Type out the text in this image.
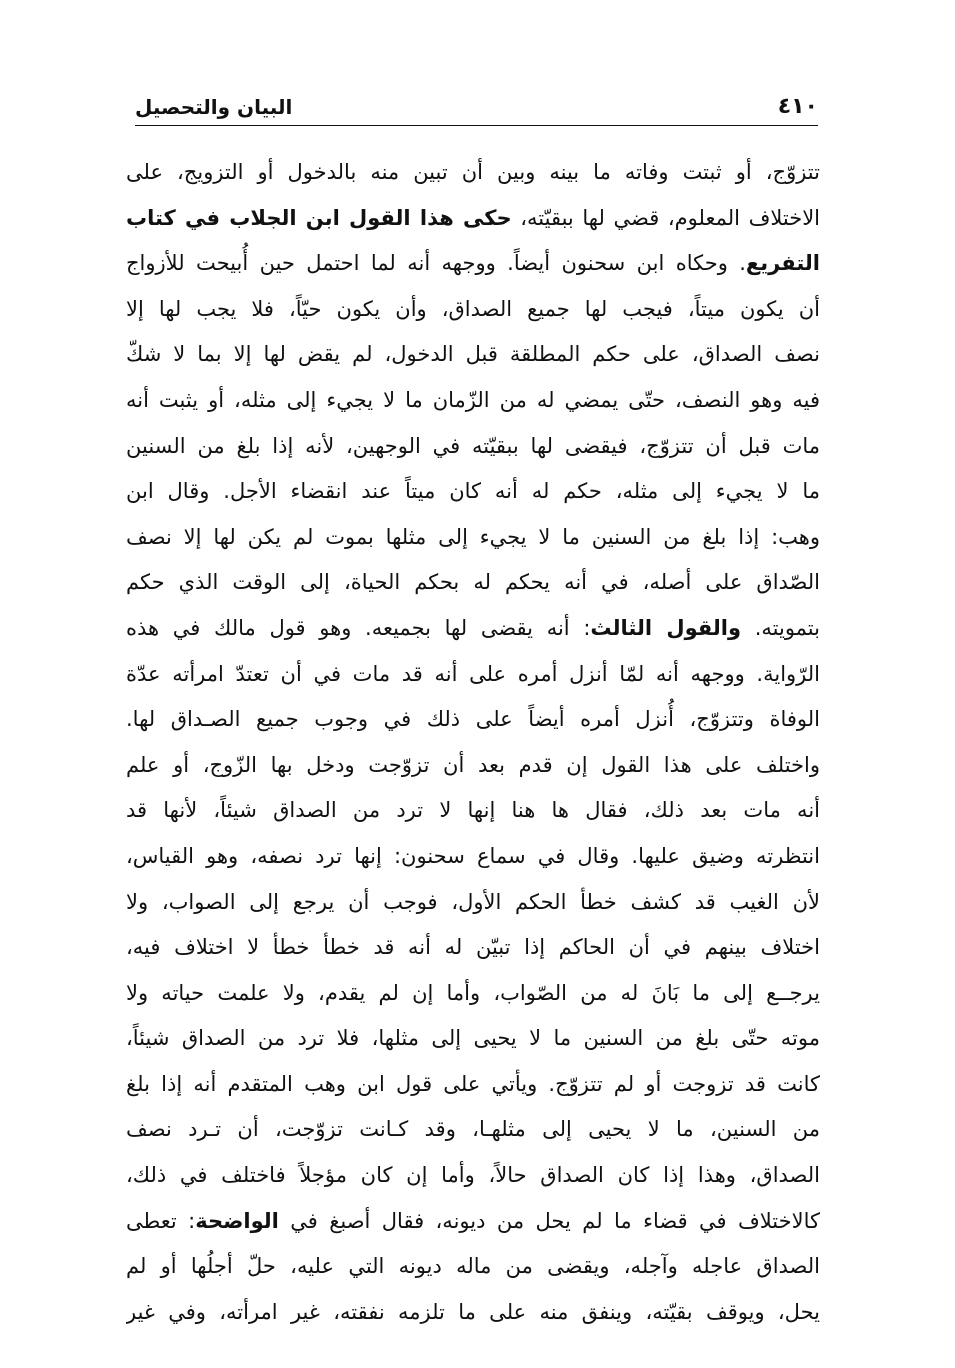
٤١٠
البيان والتحصيل
تتزوّج، أو ثبتت وفاته ما بينه وبين أن تبين منه بالدخول أو التزويج، على
الاختلاف المعلوم، قضي لها ببقيّته، حكى هذا القول ابن الجلاب في كتاب
التفريع. وحكاه ابن سحنون أيضاً. ووجهه أنه لما احتمل حين أُبيحت للأزواج
أن يكون ميتاً، فيجب لها جميع الصداق، وأن يكون حيّاً، فلا يجب لها إلا
نصف الصداق، على حكم المطلقة قبل الدخول، لم يقض لها إلا بما لا شكّ
فيه وهو النصف، حتّى يمضي له من الزّمان ما لا يجيء إلى مثله، أو يثبت أنه
مات قبل أن تتزوّج، فيقضى لها ببقيّته في الوجهين، لأنه إذا بلغ من السنين
ما لا يجيء إلى مثله، حكم له أنه كان ميتاً عند انقضاء الأجل. وقال ابن
وهب: إذا بلغ من السنين ما لا يجيء إلى مثلها بموت لم يكن لها إلا نصف
الصّداق على أصله، في أنه يحكم له بحكم الحياة، إلى الوقت الذي حكم
بتمويته. والقول الثالث: أنه يقضى لها بجميعه. وهو قول مالك في هذه
الرّواية. ووجهه أنه لمّا أنزل أمره على أنه قد مات في أن تعتدّ امرأته عدّة
الوفاة وتتزوّج، أُنزل أمره أيضاً على ذلك في وجوب جميع الصـداق لها.
واختلف على هذا القول إن قدم بعد أن تزوّجت ودخل بها الزّوج، أو علم
أنه مات بعد ذلك، فقال ها هنا إنها لا ترد من الصداق شيئاً، لأنها قد
انتظرته وضيق عليها. وقال في سماع سحنون: إنها ترد نصفه، وهو القياس،
لأن الغيب قد كشف خطأ الحكم الأول، فوجب أن يرجع إلى الصواب، ولا
اختلاف بينهم في أن الحاكم إذا تبيّن له أنه قد خطأ خطأ لا اختلاف فيه،
يرجــع إلى ما بَانَ له من الصّواب، وأما إن لم يقدم، ولا علمت حياته ولا
موته حتّى بلغ من السنين ما لا يحيى إلى مثلها، فلا ترد من الصداق شيئاً،
كانت قد تزوجت أو لم تتزوّج. ويأتي على قول ابن وهب المتقدم أنه إذا بلغ
من السنين، ما لا يحيى إلى مثلهـا، وقد كـانت تزوّجت، أن تـرد نصف
الصداق، وهذا إذا كان الصداق حالاً، وأما إن كان مؤجلاً فاختلف في ذلك،
كالاختلاف في قضاء ما لم يحل من ديونه، فقال أصبغ في الواضحة: تعطى
الصداق عاجله وآجله، ويقضى من ماله ديونه التي عليه، حلّ أجلُها أو لم
يحل، ويوقف بقيّته، وينفق منه على ما تلزمه نفقته، غير امرأته، وفي غير
